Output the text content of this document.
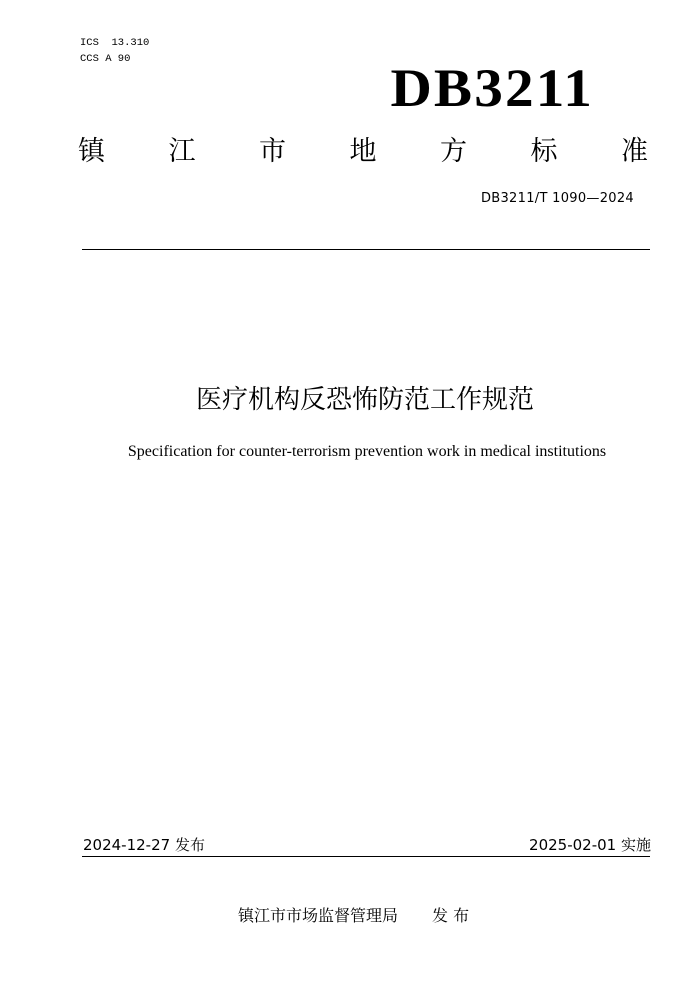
ICS  13.310
CCS A 90	DB3211
镇 江 市 地 方 标 准
DB3211/T 1090—2024
医疗机构反恐怖防范工作规范
Specification for counter-terrorism prevention work in medical institutions
2024-12-27 发布	2025-02-01 实施
镇江市市场监督管理局 发 布
